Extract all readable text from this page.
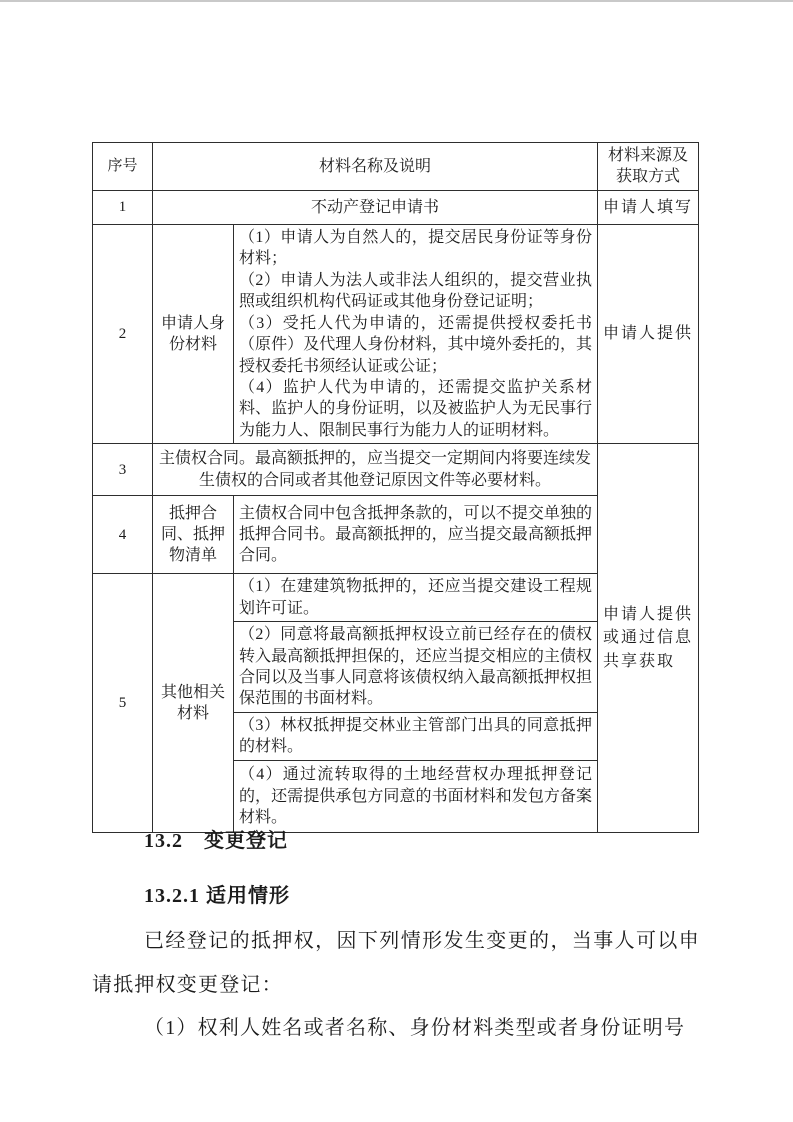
序号	材料名称及说明		材料来源及获取方式
1	不动产登记申请书		申请人填写
2	申请人身份材料	（1）申请人为自然人的，提交居民身份证等身份材料；

（2）申请人为法人或非法人组织的，提交营业执照或组织机构代码证或其他身份登记证明；

（3）受托人代为申请的，还需提供授权委托书（原件）及代理人身份材料，其中境外委托的，其授权委托书须经认证或公证；

（4）监护人代为申请的，还需提交监护关系材料、监护人的身份证明，以及被监护人为无民事行为能力人、限制民事行为能力人的证明材料。	申请人提供
3	主债权合同。最高额抵押的，应当提交一定期间内将要连续发生债权的合同或者其他登记原因文件等必要材料。		申请人提供或通过信息共享获取
4	抵押合同、抵押物清单	主债权合同中包含抵押条款的，可以不提交单独的抵押合同书。最高额抵押的，应当提交最高额抵押合同。	
5	其他相关材料	（1）在建建筑物抵押的，还应当提交建设工程规划许可证。	
		（2）同意将最高额抵押权设立前已经存在的债权转入最高额抵押担保的，还应当提交相应的主债权合同以及当事人同意将该债权纳入最高额抵押权担保范围的书面材料。	
		（3）林权抵押提交林业主管部门出具的同意抵押的材料。	
		（4）通过流转取得的土地经营权办理抵押登记的，还需提供承包方同意的书面材料和发包方备案材料。	
13.2　变更登记
13.2.1 适用情形

已经登记的抵押权，因下列情形发生变更的，当事人可以申请抵押权变更登记：

（1）权利人姓名或者名称、身份材料类型或者身份证明号
